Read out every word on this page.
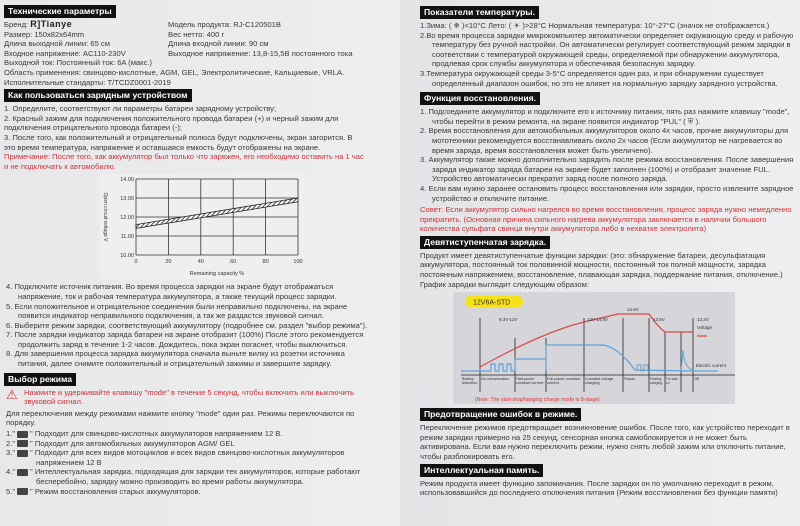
Технические параметры
Бренд: R]Tianye	Модель продукта: RJ-C120501B
Размер: 150x82x64mm	Вес нетто: 400 г
Длина выходной линии: 65 см	Длина входной линии: 90 см
Входное напряжение: AC110-230V	Выходное напряжение: 13,8-15,5В постоянного тока

Выходной ток: Постоянный ток: 6A (макс.)

Область применения: свинцово-кислотные, AGM, GEL, Электролитические, Кальциевые, VRLA.

Исполнительные стандарты: T/TCDZ0001-2019

Как пользоваться зарядным устройством

1. Определите, соответствуют ли параметры батареи зарядному устройству;

2. Красный зажим для подключения положительного провода батареи (+) и черный зажим для подключения отрицательного провода батареи (-);

3. После того, как положительный и отрицательный полюса будут подключены, экран загорится. В это время температура, напряжение и оставшаяся емкость будут отображены на экране.

Примечание: После того, как аккумулятор был только что заряжен, его необходимо оставить на 1 час и не подключать к автомобилю.

0	20	40	60	80	100
10.00
11.00
12.00
13.00
14.00
Remaining capacity %
Open circuit voltage V

4. Подключите источник питания. Во время процесса зарядки на экране будут отображаться напряжение, ток и рабочая температура аккумулятора, а также текущий процесс зарядки.

5. Если положительное и отрицательное соединения были неправильно подключены, на экране появится индикатор неправильного подключения, а так же раздастся звуковой сигнал.

6. Выберите режим зарядки, соответствующий аккумулятору (подробнее см. раздел "выбор режима").

7. После зарядки индикатор заряда батареи на экране отобразит (100%) После этого рекомендуется продолжить заряд в течение 1-2 часов. Дождитесь, пока экран погаснет, чтобы выключиться.

8. Для завершения процесса зарядка аккумулятора сначала выньте вилку из розетки источника питания, далее снимите положительный и отрицательный зажимы и завершите зарядку.

Выбор режима
⚠ Нажмите и удерживайте клавишу "mode" в течение 5 секунд, чтобы включить или выключить звуковой сигнал.

Для переключения между режимами нажмите кнопку "mode" один раз. Режимы переключаются по порядку.

1." " Подходит для свинцово-кислотных аккумуляторов напряжением 12 В.

2." " Подходит для автомобильных аккумуляторов AGM/ GEL

3." " Подходит для всех видов мотоциклов и всех видов свинцово-кислотных аккумуляторов напряжением 12 В

4." " Интеллектуальная зарядка, подходящая для зарядки тех аккумуляторов, которые работают бесперебойно, зарядку можно производить во время работы аккумулятора.

5." " Режим восстановления старых аккумуляторов.

Показатели температуры.

1.Зима: ( ❄ )<10°C Лето: ( ☀ )>28°C Нормальная температура: 10°-27°C (значок не отображается.)

2.Во время процесса зарядки микрокомпьютер автоматически определяет окружающую среду и рабочую температуру без ручной настройки. Он автоматически регулирует соответствующий режим зарядки в соответствии с температурой окружающей среды, определяемой при обнаружении аккумулятора, продлевая срок службы аккумулятора и обеспечивая безопасную зарядку.

3.Температура окружающей среды 3-5°C определяется один раз, и при обнаружении существует определенный диапазон ошибок, но это не влияет на нормальную зарядку зарядного устройства.

Функция восстановления.

1. Подсоедините аккумулятор и подключите его к источнику питания, пять раз нажмите клавишу "mode", чтобы перейти в режим ремонта, на экране появится индикатор "PUL" ( ⛨ ).

2. Время восстановления для автомобильных аккумуляторов около 4х часов, прочие аккумуляторы для мототехники рекомендуется восстанавливать около 2х часов (Если аккумулятор не нагревается во время заряда, время восстановления может быть увеличено).

3. Аккумулятор также можно дополнительно зарядить после режима восстановления. После завершения заряда индикатор заряда батареи на экране будет заполнен (100%) и отобразит значение FUL. Устройство автоматически прекратит заряд после полного заряда.

4. Если вам нужно заранее остановить процесс восстановления или зарядки, просто извлеките зарядное устройство и отключите питание.

Совет: Если аккумулятор сильно нагрелся во время восстановления, процесс заряда нужно немедленно прекратить. (Основная причина сильного нагрева аккумулятора заключается в наличии большого количества сульфата свинца внутри аккумулятора либо в нехватке электролита)

Девятиступенчатая зарядка.

Продукт имеет девятиступенчатые функции зарядки: (это: обнаружение батареи, десульфатация аккумулятора, постоянный ток половинной мощности, постоянный ток полной мощности, зарядка постоянным напряжением, восстановление, плавающая зарядка, поддержание питания, отключение.) График зарядки выглядит следующим образом:

12V6A-STD
9.3V-12V	12V-14.8V
14.8V
13.8V	13.2V
Voltage
Electric current
(Note: The start-stop/hanging charge mode is 8-stage)
Battery detection
De-vulcanization	Half-power constant current
Full-power constant current
Constant voltage charging
Repair	Floating charging
For sale-on
Off
Предотвращение ошибок в режиме.

Переключение режимов предотвращает возникновение ошибок. После того, как устройство переходит в режим зарядки примерно на 25 секунд, сенсорная кнопка самоблокируется и не может быть активирована. Если вам нужно переключить режим, нужно снять любой зажим или отключить питание, чтобы разблокировать его.

Интеллектуальная память.

Режим продукта имеет функцию запоминания. После зарядки он по умолчанию переходит в режим, использовавшийся до последнего отключения питания (Режим восстановления без функции памяти)
